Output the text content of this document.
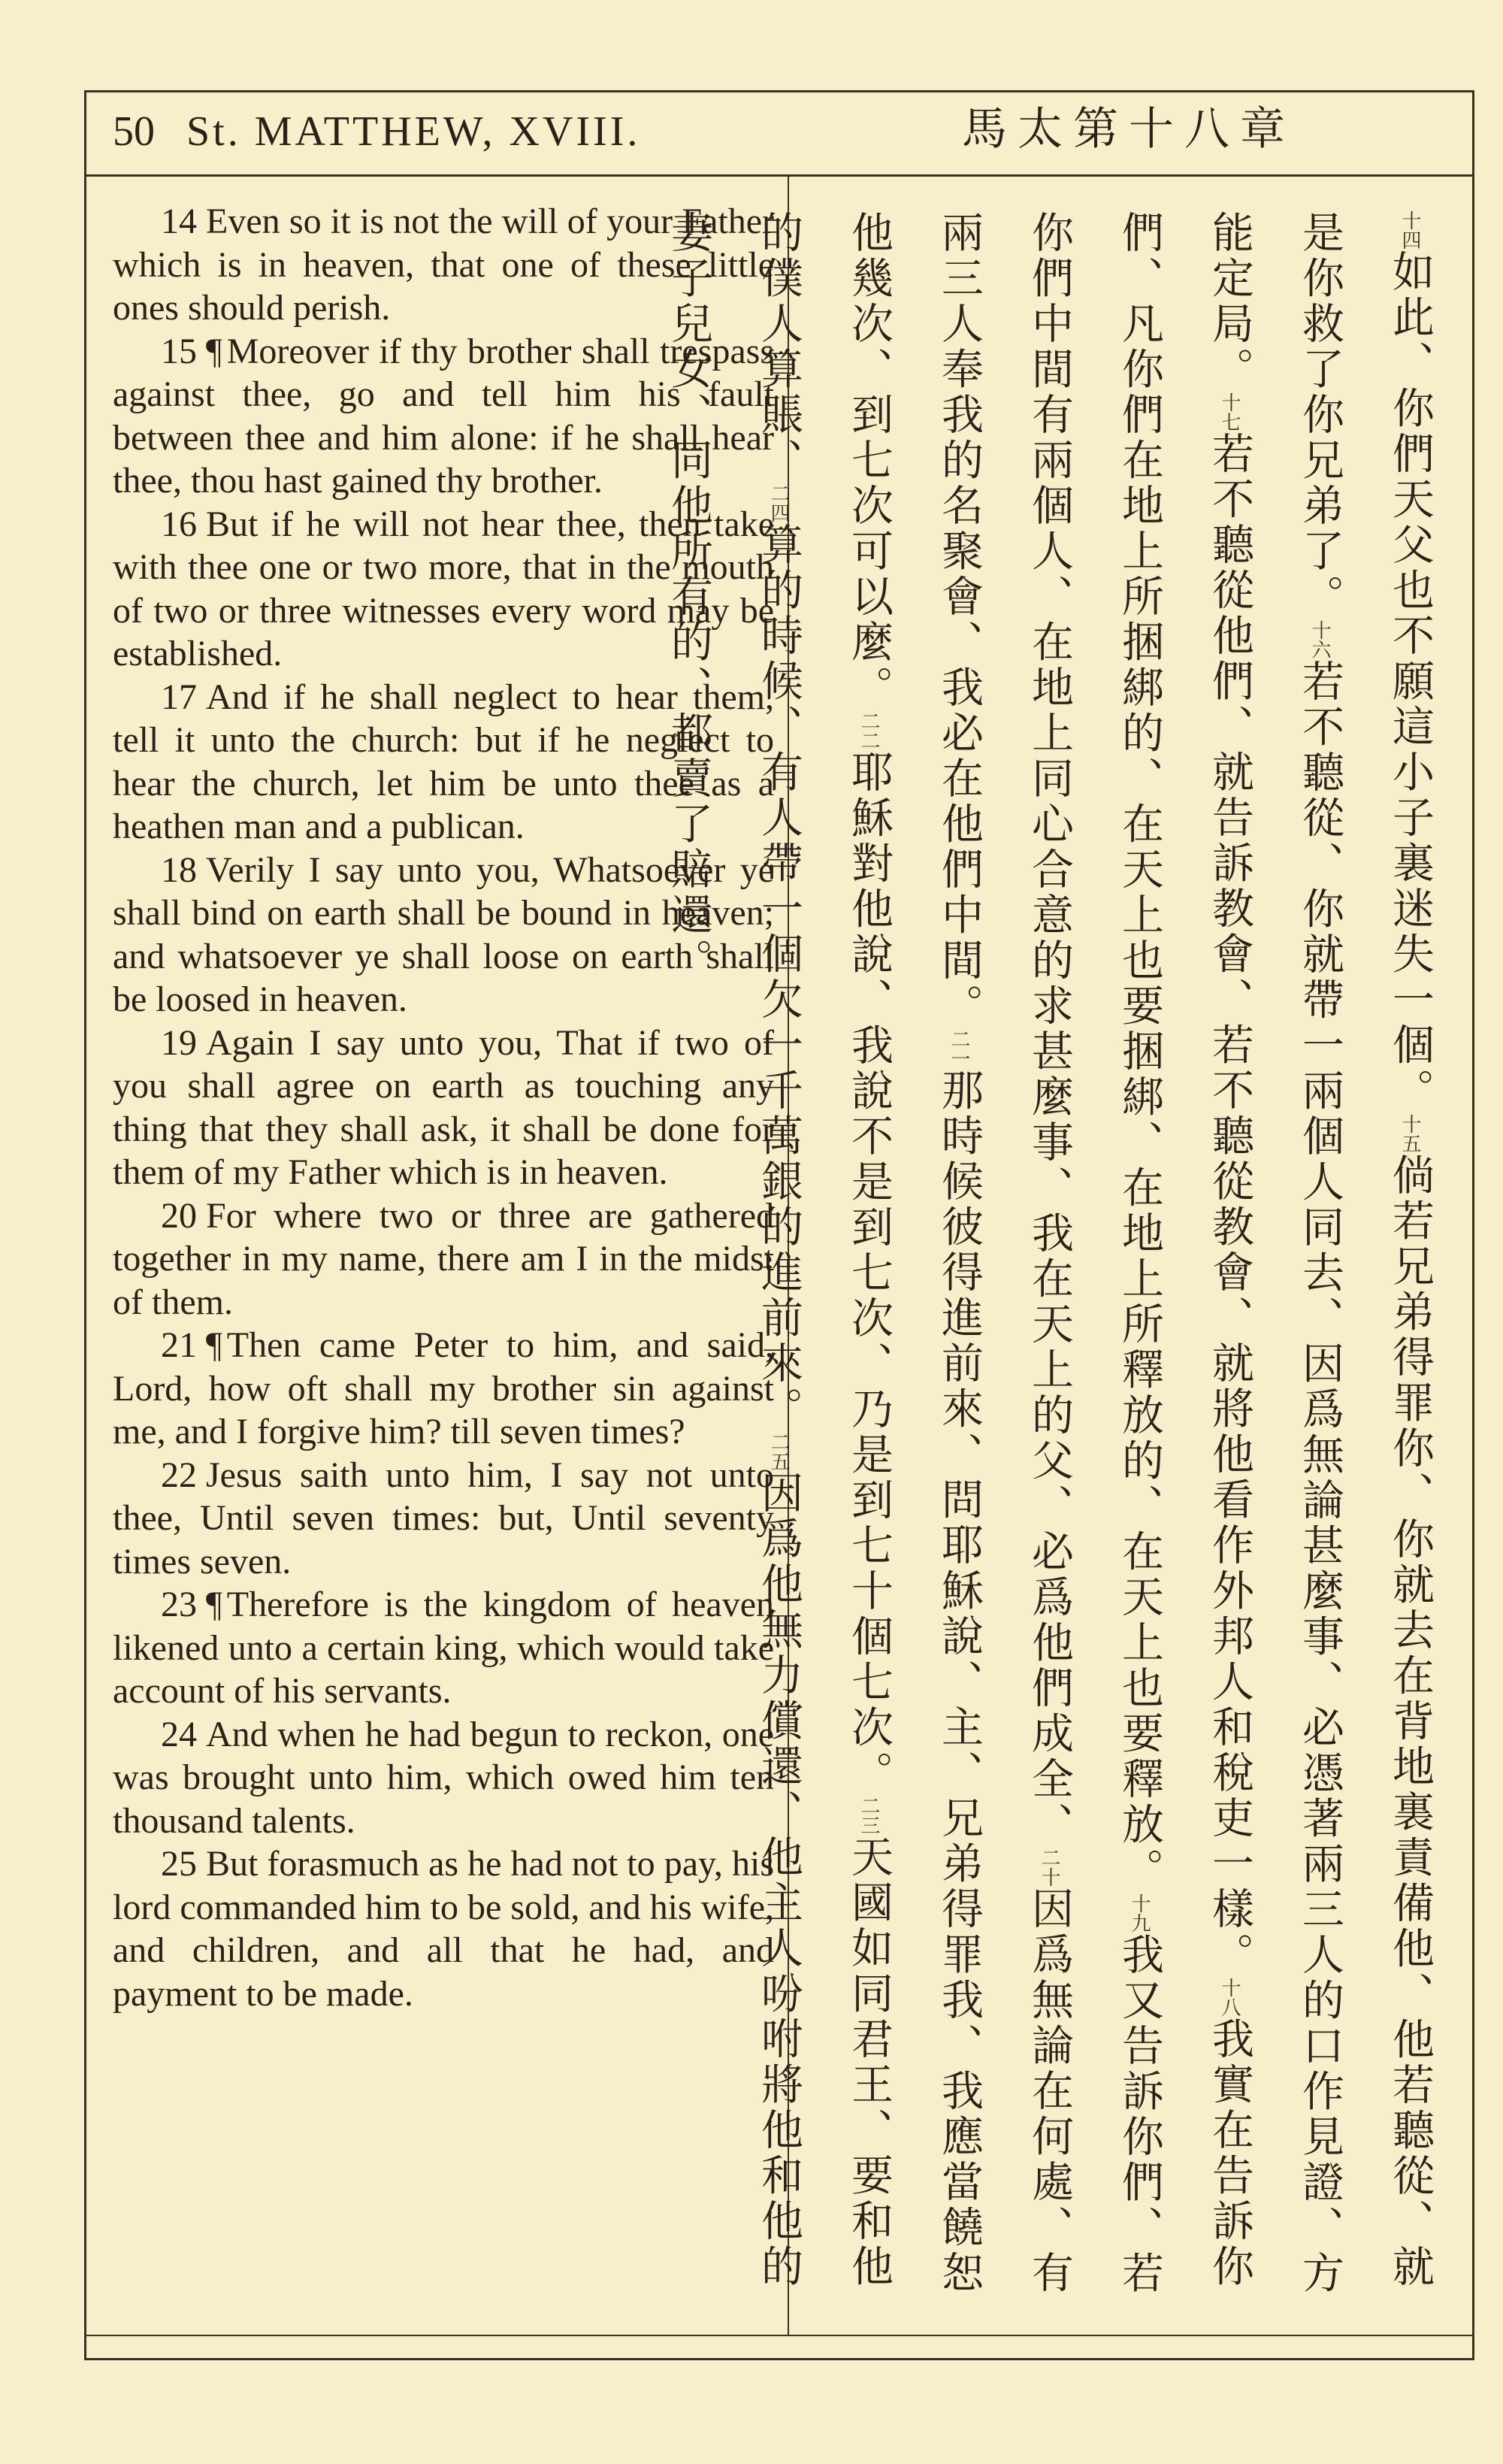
50 St. MATTHEW, XVIII.	馬太第十八章

14 Even so it is not the will of your Father which is in heaven, that one of these little ones should perish.

15 ¶ Moreover if thy brother shall trespass against thee, go and tell him his fault between thee and him alone: if he shall hear thee, thou hast gained thy brother.

16 But if he will not hear thee, then take with thee one or two more, that in the mouth of two or three witnesses every word may be established.

17 And if he shall neglect to hear them, tell it unto the church: but if he neglect to hear the church, let him be unto thee as a heathen man and a publican.

18 Verily I say unto you, Whatsoever ye shall bind on earth shall be bound in heaven; and whatsoever ye shall loose on earth shall be loosed in heaven.

19 Again I say unto you, That if two of you shall agree on earth as touching any thing that they shall ask, it shall be done for them of my Father which is in heaven.

20 For where two or three are gathered together in my name, there am I in the midst of them.

21 ¶ Then came Peter to him, and said, Lord, how oft shall my brother sin against me, and I forgive him? till seven times?

22 Jesus saith unto him, I say not unto thee, Until seven times: but, Until seventy times seven.

23 ¶ Therefore is the kingdom of heaven likened unto a certain king, which would take account of his servants.

24 And when he had begun to reckon, one was brought unto him, which owed him ten thousand talents.

25 But forasmuch as he had not to pay, his lord commanded him to be sold, and his wife, and children, and all that he had, and payment to be made.

十四如此、你們天父也不願這小子裏迷失一個。十五倘若兄弟得罪你、你就去在背地裏責備他、他若聽從、就是你救了你兄弟了。十六若不聽從、你就帶一兩個人同去、因爲無論甚麼事、必憑著兩三人的口作見證、方能定局。十七若不聽從他們、就告訴教會、若不聽從教會、就將他看作外邦人和稅吏一樣。十八我實在告訴你們、凡你們在地上所捆綁的、在天上也要捆綁、在地上所釋放的、在天上也要釋放。十九我又告訴你們、若你們中間有兩個人、在地上同心合意的求甚麼事、我在天上的父、必爲他們成全、二十因爲無論在何處、有兩三人奉我的名聚會、我必在他們中間。二一那時候彼得進前來、問耶穌說、主、兄弟得罪我、我應當饒恕他幾次、到七次可以麼。二二耶穌對他說、我說不是到七次、乃是到七十個七次。二三天國如同君王、要和他的僕人算賬、二四算的時候、有人帶一個欠一千萬銀的進前來。二五因爲他無力償還、他主人吩咐將他和他的妻子兒女、同他所有的、都賣了賠還。
